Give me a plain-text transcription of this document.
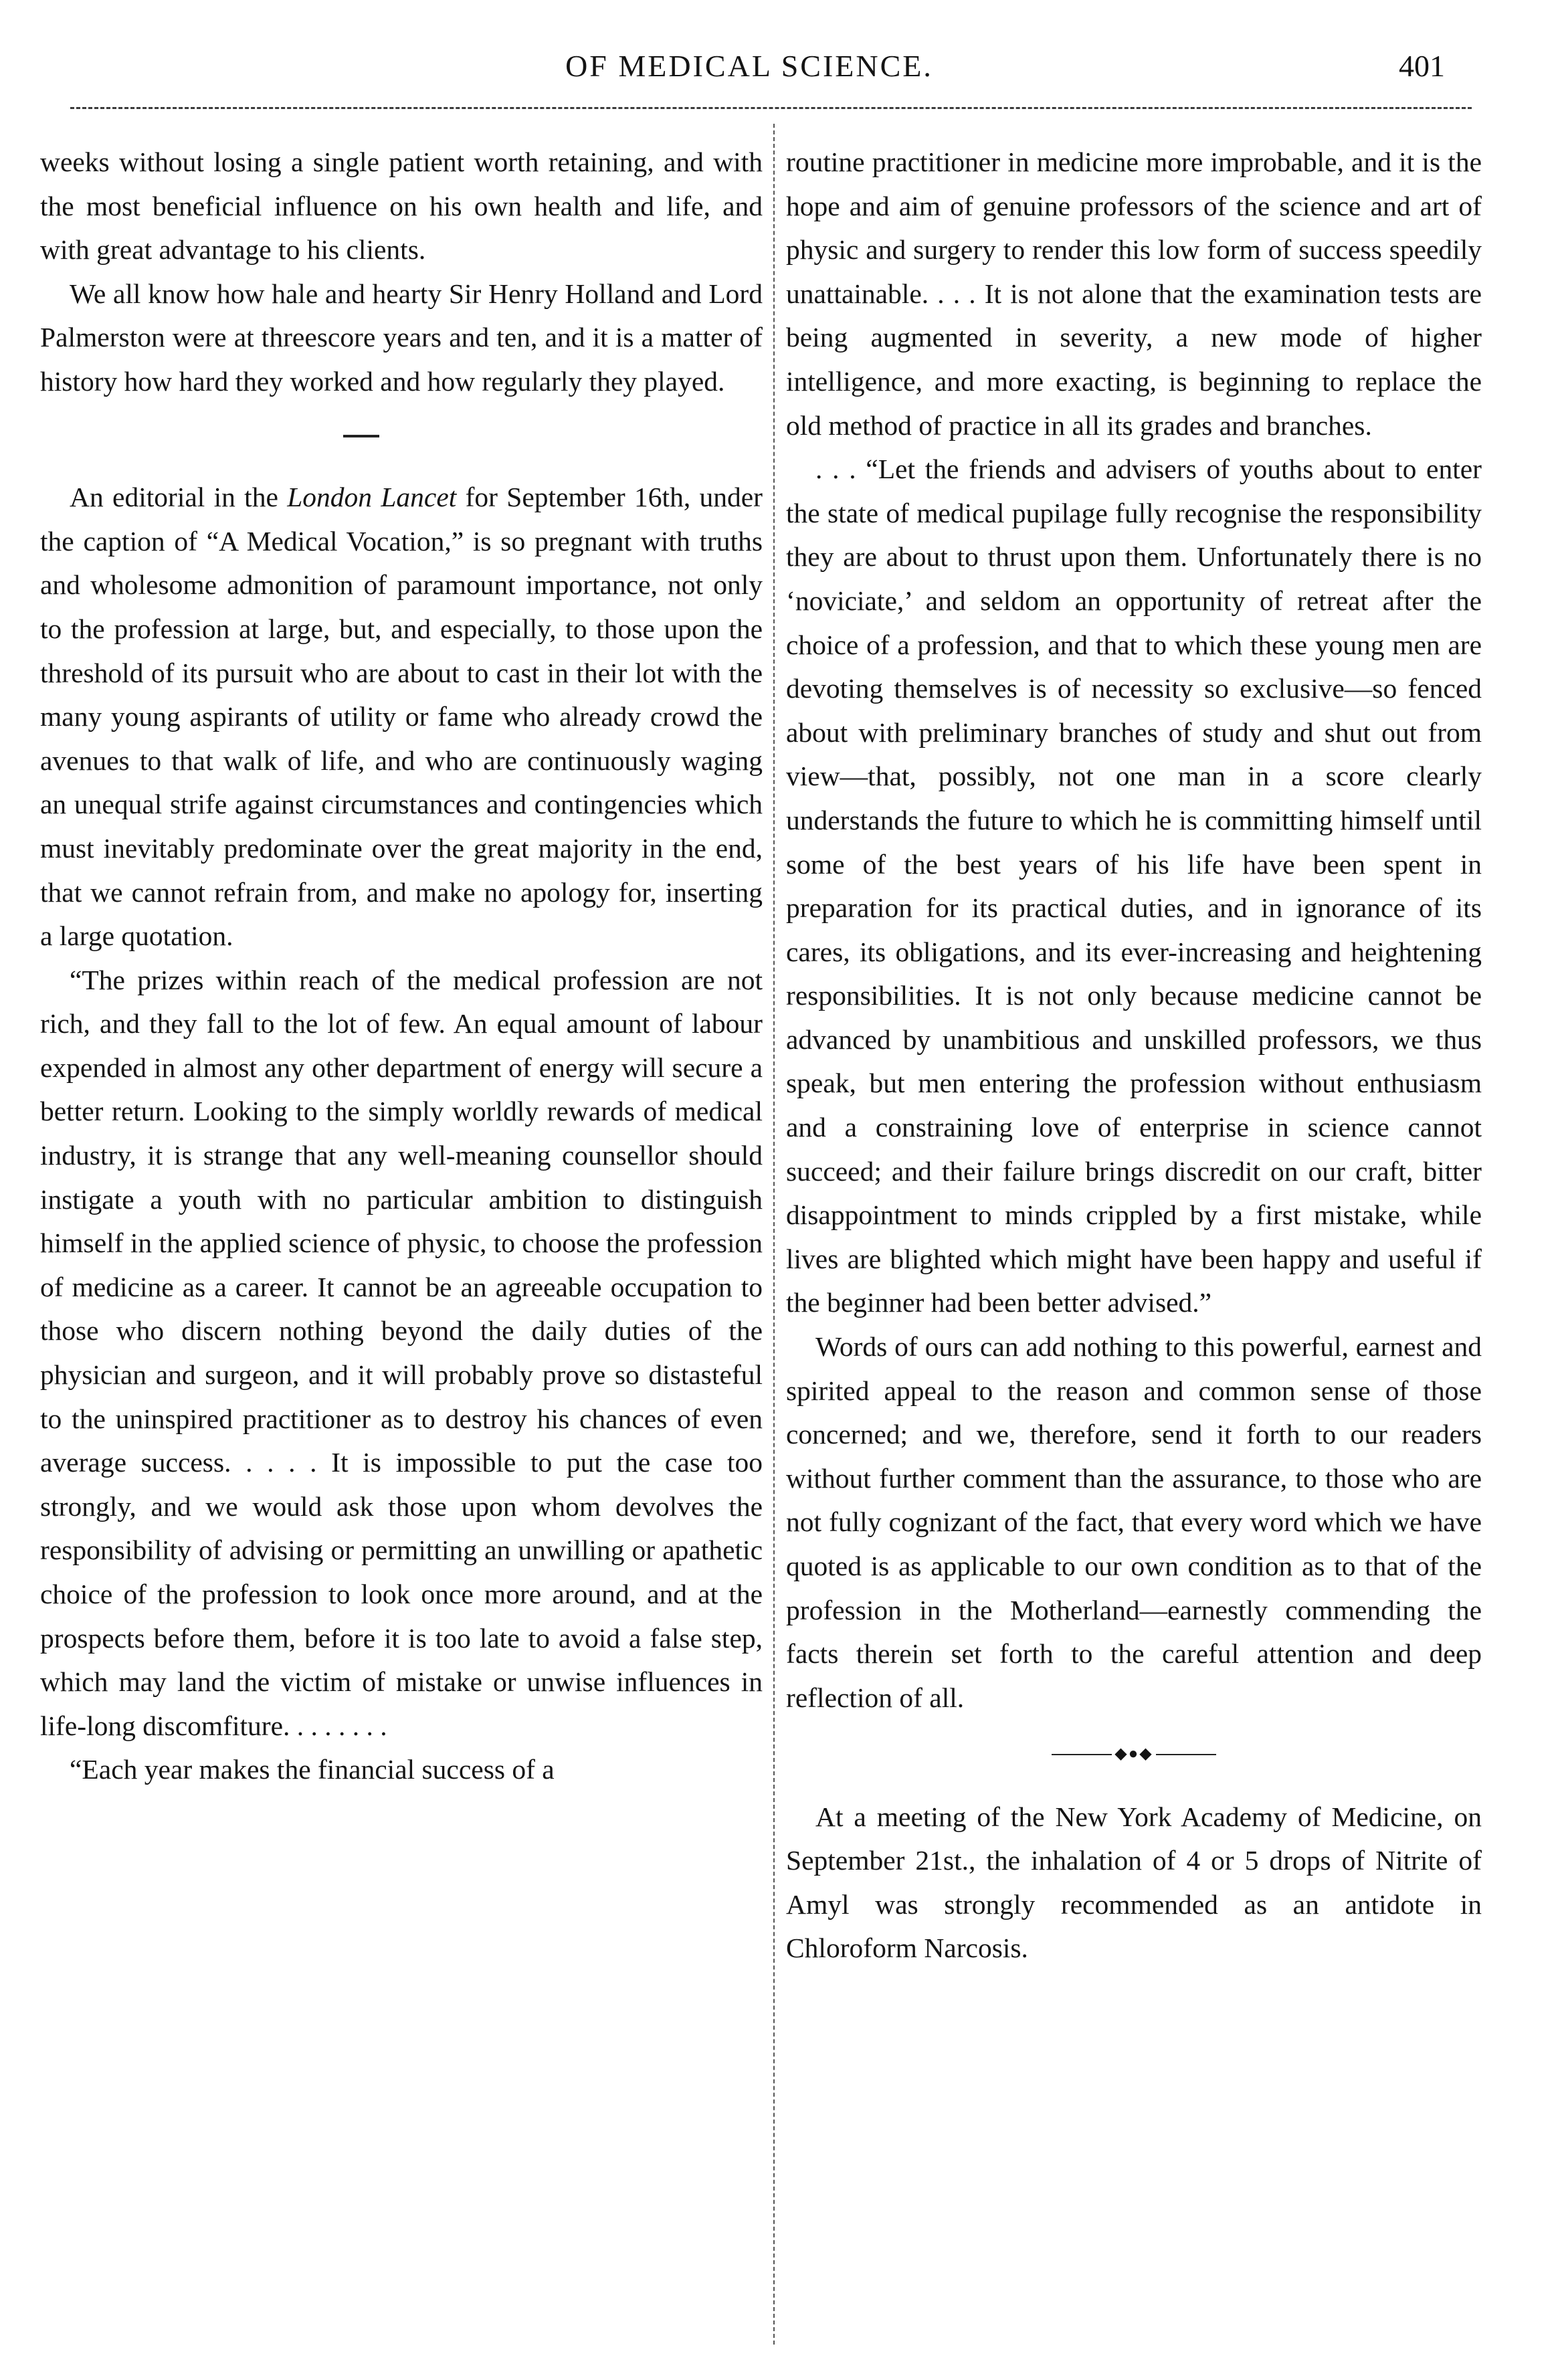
OF MEDICAL SCIENCE.	401

weeks without losing a single patient worth retaining, and with the most beneficial influence on his own health and life, and with great advantage to his clients.

We all know how hale and hearty Sir Henry Holland and Lord Palmerston were at threescore years and ten, and it is a matter of history how hard they worked and how regularly they played.

An editorial in the London Lancet for September 16th, under the caption of “A Medical Vocation,” is so pregnant with truths and wholesome admonition of paramount importance, not only to the profession at large, but, and especially, to those upon the threshold of its pursuit who are about to cast in their lot with the many young aspirants of utility or fame who already crowd the avenues to that walk of life, and who are continuously waging an unequal strife against circumstances and contingencies which must inevitably predominate over the great majority in the end, that we cannot refrain from, and make no apology for, inserting a large quotation.

“The prizes within reach of the medical profession are not rich, and they fall to the lot of few. An equal amount of labour expended in almost any other department of energy will secure a better return. Looking to the simply worldly rewards of medical industry, it is strange that any well-meaning counsellor should instigate a youth with no particular ambition to distinguish himself in the applied science of physic, to choose the profession of medicine as a career. It cannot be an agreeable occupation to those who discern nothing beyond the daily duties of the physician and surgeon, and it will probably prove so distasteful to the uninspired practitioner as to destroy his chances of even average success. . . . . It is impossible to put the case too strongly, and we would ask those upon whom devolves the responsibility of advising or permitting an unwilling or apathetic choice of the profession to look once more around, and at the prospects before them, before it is too late to avoid a false step, which may land the victim of mistake or unwise influences in life-long discomfiture. . . . . . . .

“Each year makes the financial success of a

routine practitioner in medicine more improbable, and it is the hope and aim of genuine professors of the science and art of physic and surgery to render this low form of success speedily unattainable. . . . It is not alone that the examination tests are being augmented in severity, a new mode of higher intelligence, and more exacting, is beginning to replace the old method of practice in all its grades and branches.

. . . “Let the friends and advisers of youths about to enter the state of medical pupilage fully recognise the responsibility they are about to thrust upon them. Unfortunately there is no ‘noviciate,’ and seldom an opportunity of retreat after the choice of a profession, and that to which these young men are devoting themselves is of necessity so exclusive—so fenced about with preliminary branches of study and shut out from view—that, possibly, not one man in a score clearly understands the future to which he is committing himself until some of the best years of his life have been spent in preparation for its practical duties, and in ignorance of its cares, its obligations, and its ever-increasing and heightening responsibilities. It is not only because medicine cannot be advanced by unambitious and unskilled professors, we thus speak, but men entering the profession without enthusiasm and a constraining love of enterprise in science cannot succeed; and their failure brings discredit on our craft, bitter disappointment to minds crippled by a first mistake, while lives are blighted which might have been happy and useful if the beginner had been better advised.”

Words of ours can add nothing to this powerful, earnest and spirited appeal to the reason and common sense of those concerned; and we, therefore, send it forth to our readers without further comment than the assurance, to those who are not fully cognizant of the fact, that every word which we have quoted is as applicable to our own condition as to that of the profession in the Motherland—earnestly commending the facts therein set forth to the careful attention and deep reflection of all.

◆●◆

At a meeting of the New York Academy of Medicine, on September 21st., the inhalation of 4 or 5 drops of Nitrite of Amyl was strongly recommended as an antidote in Chloroform Narcosis.
